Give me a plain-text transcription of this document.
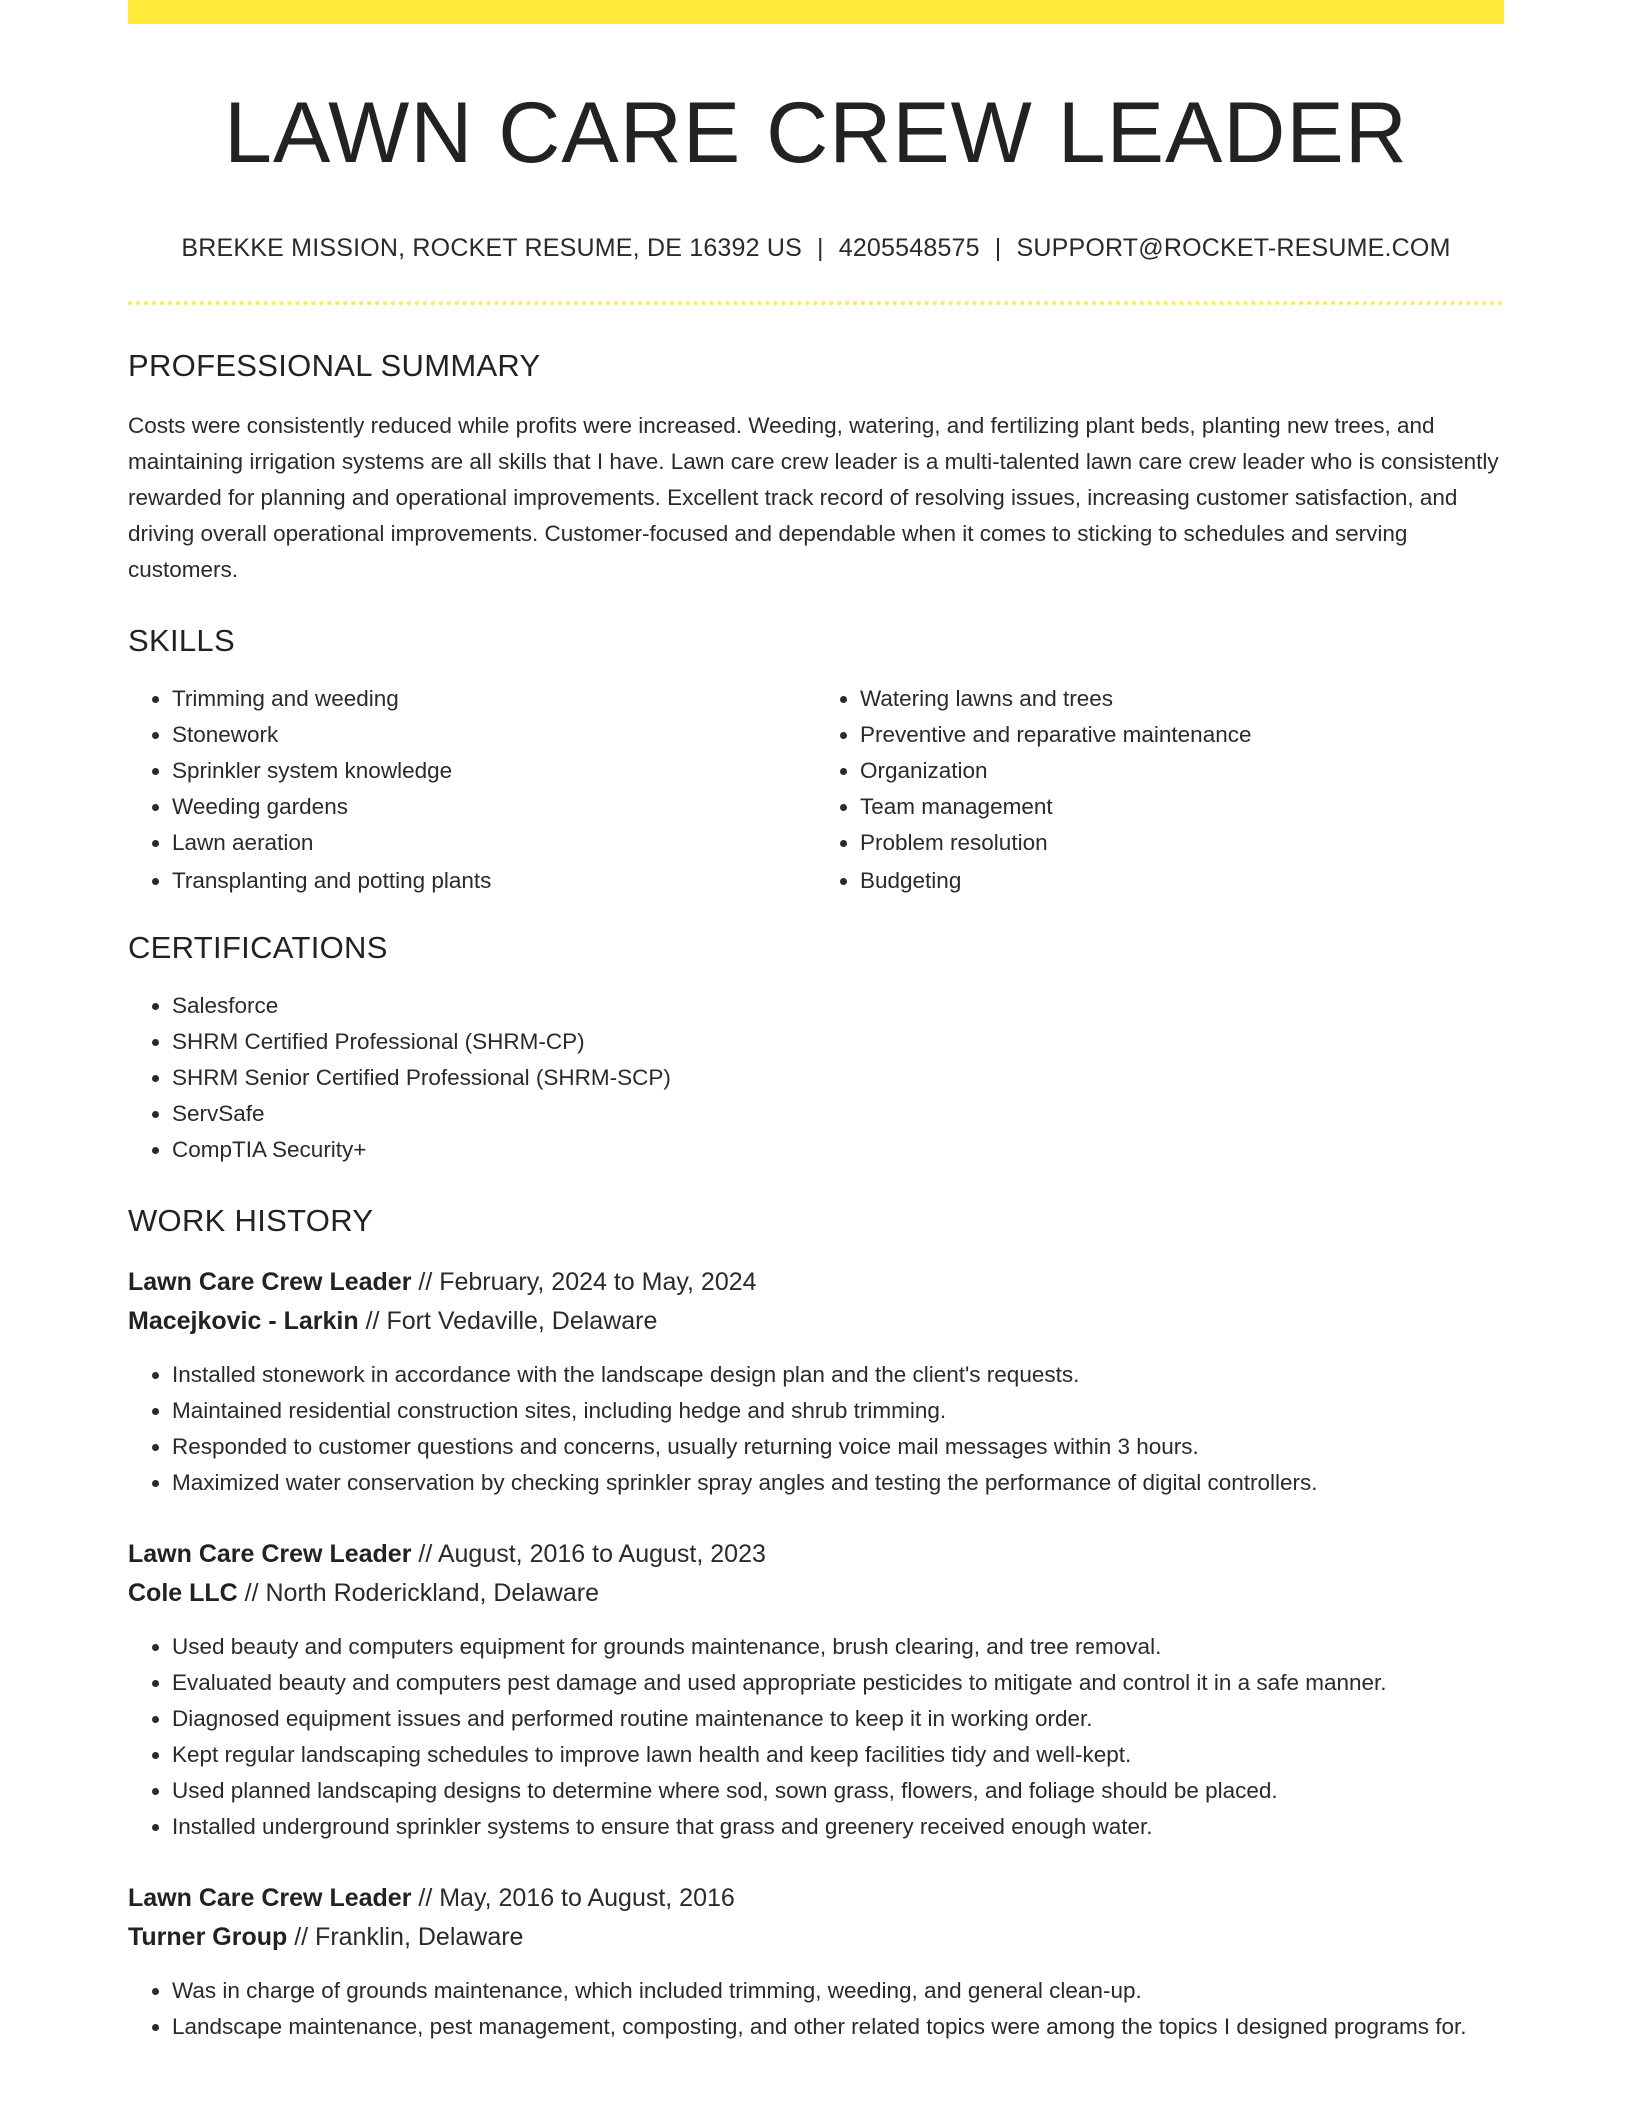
LAWN CARE CREW LEADER
BREKKE MISSION, ROCKET RESUME, DE 16392 US | 4205548575 | SUPPORT@ROCKET-RESUME.COM
PROFESSIONAL SUMMARY
Costs were consistently reduced while profits were increased. Weeding, watering, and fertilizing plant beds, planting new trees, and maintaining irrigation systems are all skills that I have. Lawn care crew leader is a multi-talented lawn care crew leader who is consistently rewarded for planning and operational improvements. Excellent track record of resolving issues, increasing customer satisfaction, and driving overall operational improvements. Customer-focused and dependable when it comes to sticking to schedules and serving customers.
SKILLS
• Trimming and weeding
• Stonework
• Sprinkler system knowledge
• Weeding gardens
• Lawn aeration
• Transplanting and potting plants
• Watering lawns and trees
• Preventive and reparative maintenance
• Organization
• Team management
• Problem resolution
• Budgeting
CERTIFICATIONS
• Salesforce
• SHRM Certified Professional (SHRM-CP)
• SHRM Senior Certified Professional (SHRM-SCP)
• ServSafe
• CompTIA Security+
WORK HISTORY
Lawn Care Crew Leader // February, 2024 to May, 2024
Macejkovic - Larkin // Fort Vedaville, Delaware
• Installed stonework in accordance with the landscape design plan and the client's requests.
• Maintained residential construction sites, including hedge and shrub trimming.
• Responded to customer questions and concerns, usually returning voice mail messages within 3 hours.
• Maximized water conservation by checking sprinkler spray angles and testing the performance of digital controllers.
Lawn Care Crew Leader // August, 2016 to August, 2023
Cole LLC // North Roderickland, Delaware
• Used beauty and computers equipment for grounds maintenance, brush clearing, and tree removal.
• Evaluated beauty and computers pest damage and used appropriate pesticides to mitigate and control it in a safe manner.
• Diagnosed equipment issues and performed routine maintenance to keep it in working order.
• Kept regular landscaping schedules to improve lawn health and keep facilities tidy and well-kept.
• Used planned landscaping designs to determine where sod, sown grass, flowers, and foliage should be placed.
• Installed underground sprinkler systems to ensure that grass and greenery received enough water.
Lawn Care Crew Leader // May, 2016 to August, 2016
Turner Group // Franklin, Delaware
• Was in charge of grounds maintenance, which included trimming, weeding, and general clean-up.
• Landscape maintenance, pest management, composting, and other related topics were among the topics I designed programs for.
